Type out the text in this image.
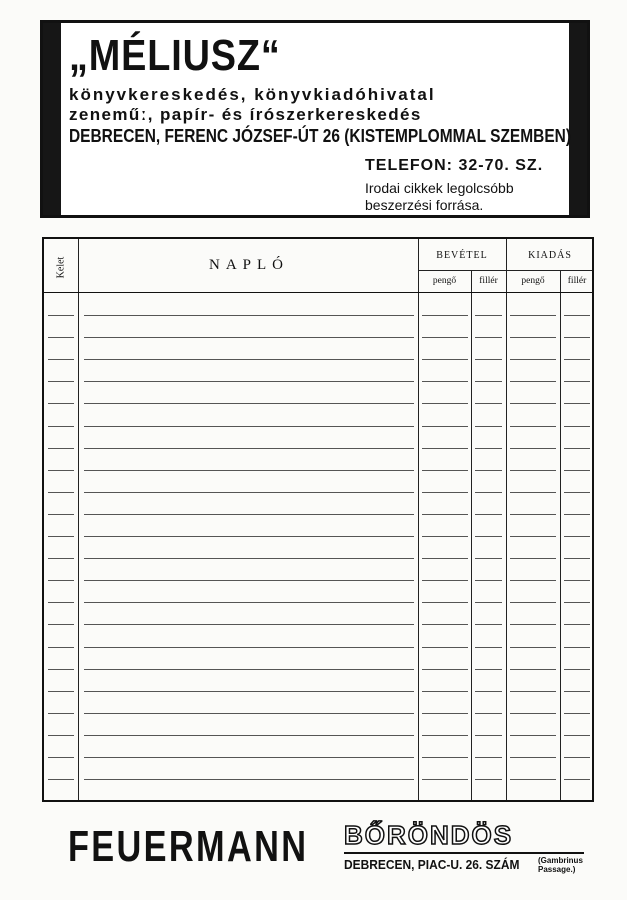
„MÉLIUSZ“
könyvkereskedés, könyvkiadóhivatal
zeneműː, papír- és írószerkereskedés
DEBRECEN, FERENC JÓZSEF-ÚT 26 (KISTEMPLOMMAL SZEMBEN)
TELEFON: 32-70. SZ.
Irodai cikkek legolcsóbb
beszerzési forrása.
Kelet	NAPLÓ
BEVÉTEL	KIADÁS
pengő	fillér	pengő	fillér
FEUERMANN BŐRÖNDÖS
DEBRECEN, PIAC-U. 26. SZÁM (Gambrinus
Passage.)
